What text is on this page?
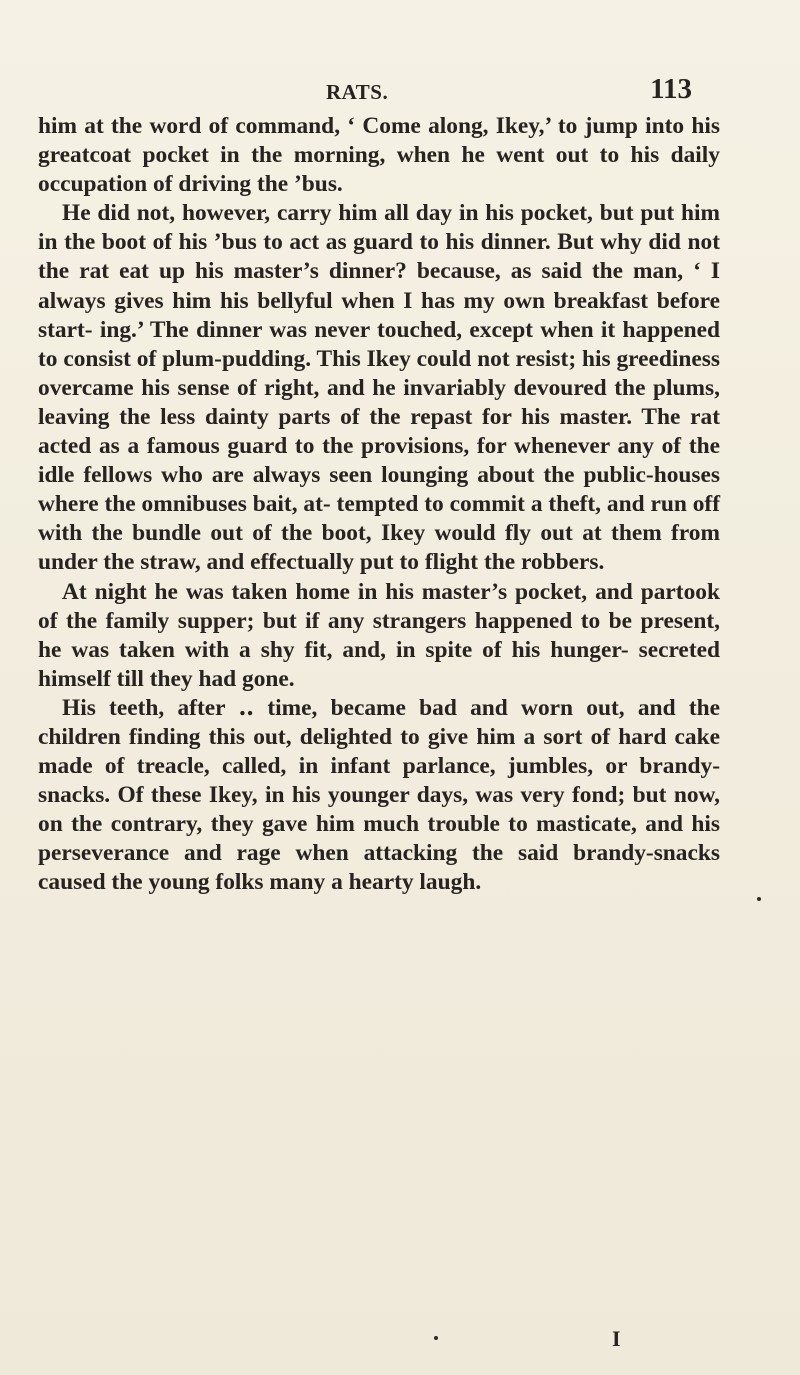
RATS.	113

him at the word of command, ‘ Come along, Ikey,’ to jump into his greatcoat pocket in the morning, when he went out to his daily occupation of driving the ’bus.

He did not, however, carry him all day in his pocket, but put him in the boot of his ’bus to act as guard to his dinner. But why did not the rat eat up his master’s dinner? because, as said the man, ‘ I always gives him his bellyful when I has my own breakfast before start- ing.’ The dinner was never touched, except when it happened to consist of plum-pudding. This Ikey could not resist; his greediness overcame his sense of right, and he invariably devoured the plums, leaving the less dainty parts of the repast for his master. The rat acted as a famous guard to the provisions, for whenever any of the idle fellows who are always seen lounging about the public-houses where the omnibuses bait, at- tempted to commit a theft, and run off with the bundle out of the boot, Ikey would fly out at them from under the straw, and effectually put to flight the robbers.

At night he was taken home in his master’s pocket, and partook of the family supper; but if any strangers happened to be present, he was taken with a shy fit, and, in spite of his hunger- secreted himself till they had gone.

His teeth, after ‥ time, became bad and worn out, and the children finding this out, delighted to give him a sort of hard cake made of treacle, called, in infant parlance, jumbles, or brandy-snacks. Of these Ikey, in his younger days, was very fond; but now, on the contrary, they gave him much trouble to masticate, and his perseverance and rage when attacking the said brandy-snacks caused the young folks many a hearty laugh.

I
